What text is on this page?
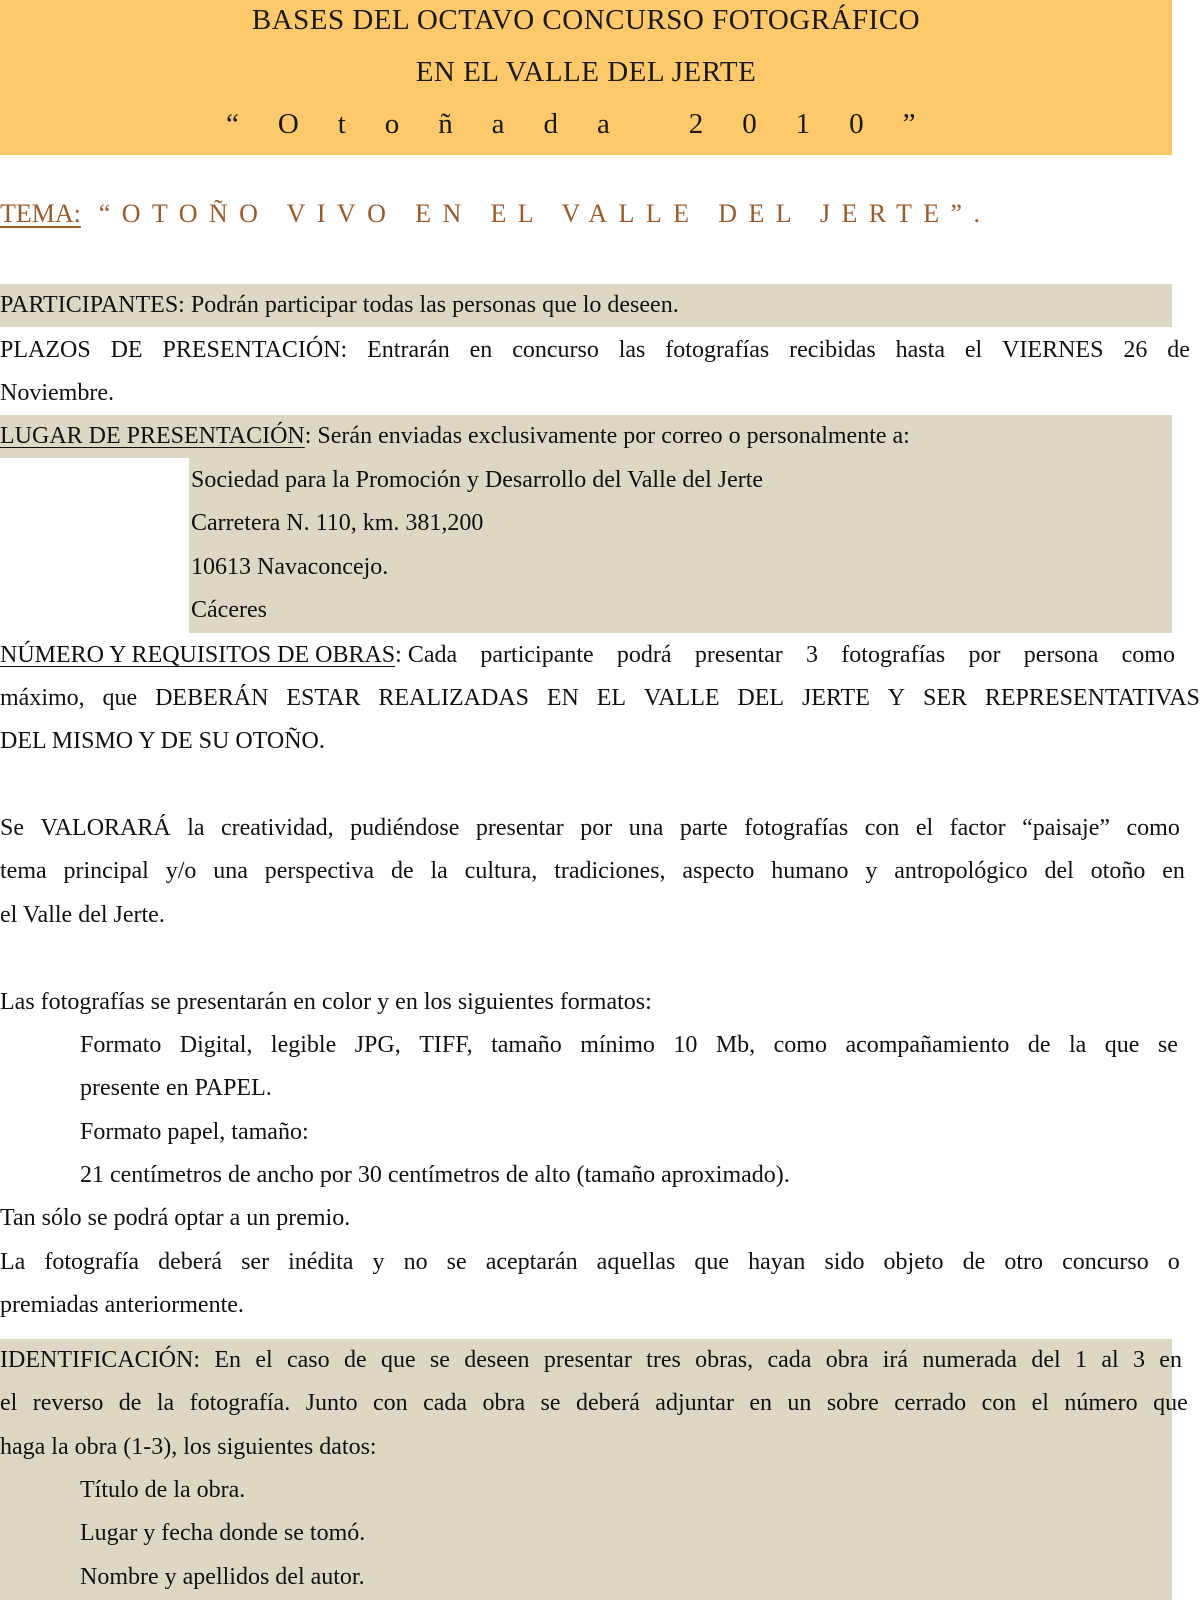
BASES DEL OCTAVO CONCURSO FOTOGRÁFICO
EN EL VALLE DEL JERTE
“ O t o ñ a d a	2 0 1 0 ”
TEMA: “OTOÑO VIVO EN EL VALLE DEL JERTE”.
PARTICIPANTES: Podrán participar todas las personas que lo deseen.
PLAZOS DE PRESENTACIÓN: Entrarán en concurso las fotografías recibidas hasta el VIERNES 26 de
Noviembre.
LUGAR DE PRESENTACIÓN: Serán enviadas exclusivamente por correo o personalmente a:
Sociedad para la Promoción y Desarrollo del Valle del Jerte
Carretera N. 110, km. 381,200
10613 Navaconcejo.
Cáceres
NÚMERO Y REQUISITOS DE OBRAS: Cada participante podrá presentar 3 fotografías por persona como
máximo, que DEBERÁN ESTAR REALIZADAS EN EL VALLE DEL JERTE Y SER REPRESENTATIVAS
DEL MISMO Y DE SU OTOÑO.
Se VALORARÁ la creatividad, pudiéndose presentar por una parte fotografías con el factor “paisaje” como
tema principal y/o una perspectiva de la cultura, tradiciones, aspecto humano y antropológico del otoño en
el Valle del Jerte.
Las fotografías se presentarán en color y en los siguientes formatos:
Formato Digital, legible JPG, TIFF, tamaño mínimo 10 Mb, como acompañamiento de la que se
presente en PAPEL.
Formato papel, tamaño:
21 centímetros de ancho por 30 centímetros de alto (tamaño aproximado).
Tan sólo se podrá optar a un premio.
La fotografía deberá ser inédita y no se aceptarán aquellas que hayan sido objeto de otro concurso o
premiadas anteriormente.
IDENTIFICACIÓN: En el caso de que se deseen presentar tres obras, cada obra irá numerada del 1 al 3 en
el reverso de la fotografía. Junto con cada obra se deberá adjuntar en un sobre cerrado con el número que
haga la obra (1-3), los siguientes datos:
Título de la obra.
Lugar y fecha donde se tomó.
Nombre y apellidos del autor.
